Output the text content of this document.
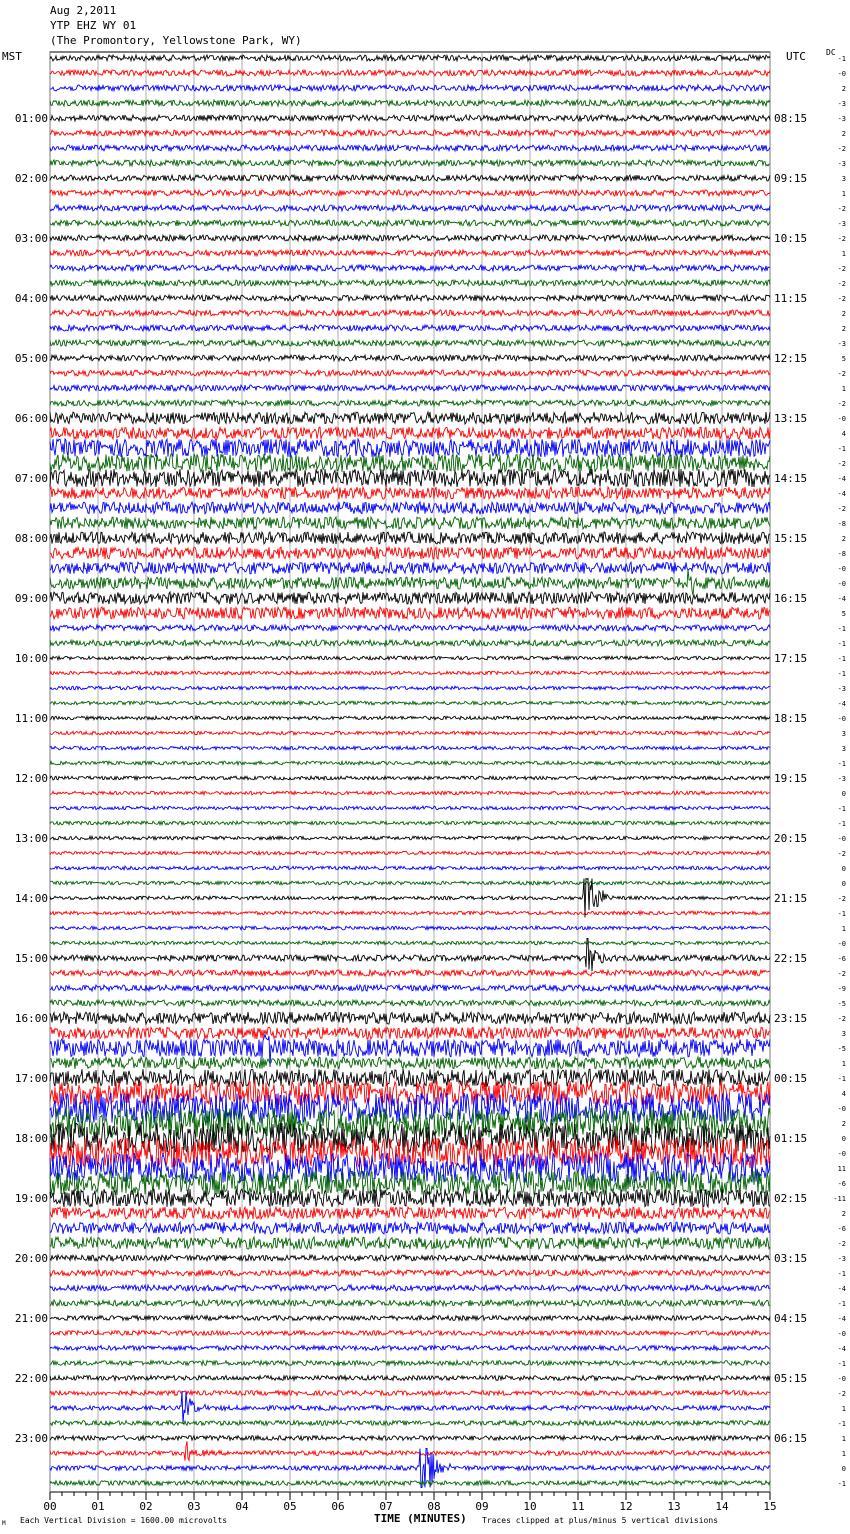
Aug 2,2011
YTP EHZ WY 01
(The Promontory, Yellowstone Park, WY)
MST	UTC	DC
-1
-0
2
-3
-3
2
-2
-3
3
1
-2
-3
-2
1
-2
-2
-2
2
2
-3
5
-2
1
-2
-0
4
-1
-2
-4
-4
-2
-8
2
-8
-0
-0
-4
5
-1
-1
-1
-1
-3
-4
-0
3
3
-1
-3
0
-1
-1
-0
-2
0
0
-2
-1
1
-0
-6
-2
-9
-5
-2
3
-5
1
-1
4
-0
2
0
-0
11
-6
-11
2
-6
-2
-3
-1
-4
-1
-4
-0
-4
-1
-0
-2
1
-1
1
1
0
-1
01:00
02:00
03:00
04:00
05:00
06:00
07:00
08:00
09:00
10:00
11:00
12:00
13:00
14:00
15:00
16:00
17:00
18:00
19:00
20:00
21:00
22:00
23:00
08:15
09:15
10:15
11:15
12:15
13:15
14:15
15:15
16:15
17:15
18:15
19:15
20:15
21:15
22:15
23:15
00:15
01:15
02:15
03:15
04:15
05:15
06:15
00	01	02	03	04	05	06	07	08	09	10	11	12	13	14	15
M Each Vertical Division = 1600.00 microvolts	TIME (MINUTES) Traces clipped at plus/minus 5 vertical divisions
